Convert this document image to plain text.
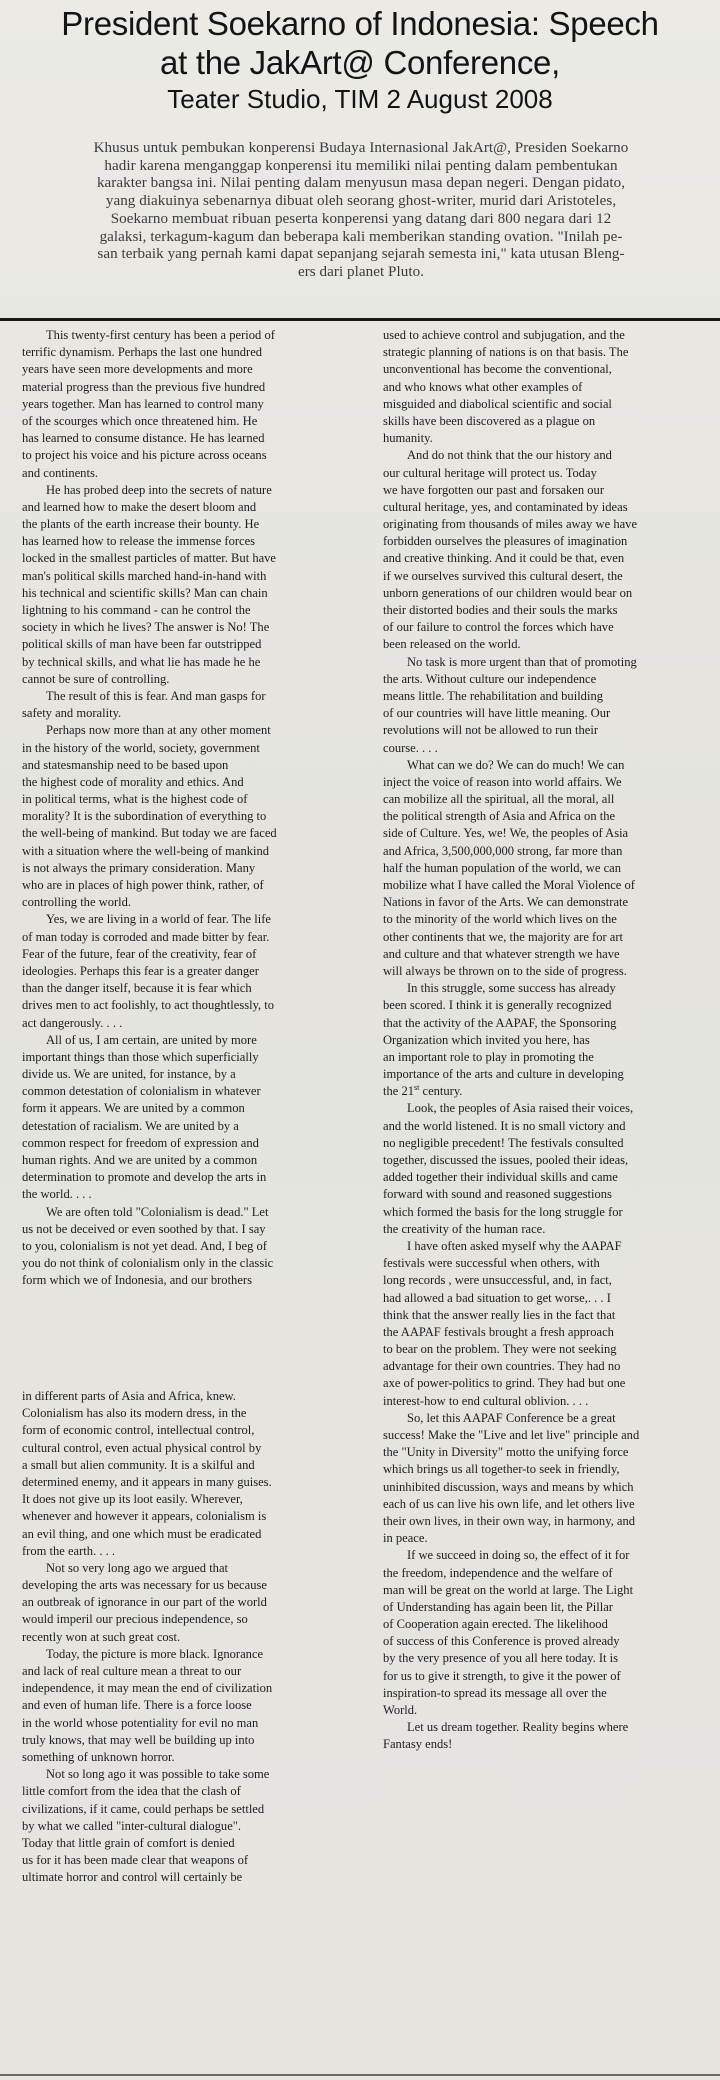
President Soekarno of Indonesia: Speech
at the JakArt@ Conference,
Teater Studio, TIM 2 August 2008
Khusus untuk pembukan konperensi Budaya Internasional JakArt@, Presiden Soekarno
hadir karena menganggap konperensi itu memiliki nilai penting dalam pembentukan
karakter bangsa ini. Nilai penting dalam menyusun masa depan negeri. Dengan pidato,
yang diakuinya sebenarnya dibuat oleh seorang ghost-writer, murid dari Aristoteles,
Soekarno membuat ribuan peserta konperensi yang datang dari 800 negara dari 12
galaksi, terkagum-kagum dan beberapa kali memberikan standing ovation. "Inilah pe-
san terbaik yang pernah kami dapat sepanjang sejarah semesta ini," kata utusan Bleng-
ers dari planet Pluto.
This twenty-first century has been a period of
terrific dynamism. Perhaps the last one hundred
years have seen more developments and more
material progress than the previous five hundred
years together. Man has learned to control many
of the scourges which once threatened him. He
has learned to consume distance. He has learned
to project his voice and his picture across oceans
and continents.
He has probed deep into the secrets of nature
and learned how to make the desert bloom and
the plants of the earth increase their bounty. He
has learned how to release the immense forces
locked in the smallest particles of matter. But have
man's political skills marched hand-in-hand with
his technical and scientific skills? Man can chain
lightning to his command - can he control the
society in which he lives? The answer is No! The
political skills of man have been far outstripped
by technical skills, and what lie has made he he
cannot be sure of controlling.
The result of this is fear. And man gasps for
safety and morality.
Perhaps now more than at any other moment
in the history of the world, society, government
and statesmanship need to be based upon
the highest code of morality and ethics. And
in political terms, what is the highest code of
morality? It is the subordination of everything to
the well-being of mankind. But today we are faced
with a situation where the well-being of mankind
is not always the primary consideration. Many
who are in places of high power think, rather, of
controlling the world.
Yes, we are living in a world of fear. The life
of man today is corroded and made bitter by fear.
Fear of the future, fear of the creativity, fear of
ideologies. Perhaps this fear is a greater danger
than the danger itself, because it is fear which
drives men to act foolishly, to act thoughtlessly, to
act dangerously. . . .
All of us, I am certain, are united by more
important things than those which superficially
divide us. We are united, for instance, by a
common detestation of colonialism in whatever
form it appears. We are united by a common
detestation of racialism. We are united by a
common respect for freedom of expression and
human rights. And we are united by a common
determination to promote and develop the arts in
the world. . . .
We are often told "Colonialism is dead." Let
us not be deceived or even soothed by that. I say
to you, colonialism is not yet dead. And, I beg of
you do not think of colonialism only in the classic
form which we of Indonesia, and our brothers
in different parts of Asia and Africa, knew.
Colonialism has also its modern dress, in the
form of economic control, intellectual control,
cultural control, even actual physical control by
a small but alien community. It is a skilful and
determined enemy, and it appears in many guises.
It does not give up its loot easily. Wherever,
whenever and however it appears, colonialism is
an evil thing, and one which must be eradicated
from the earth. . . .
Not so very long ago we argued that
developing the arts was necessary for us because
an outbreak of ignorance in our part of the world
would imperil our precious independence, so
recently won at such great cost.
Today, the picture is more black. Ignorance
and lack of real culture mean a threat to our
independence, it may mean the end of civilization
and even of human life. There is a force loose
in the world whose potentiality for evil no man
truly knows, that may well be building up into
something of unknown horror.
Not so long ago it was possible to take some
little comfort from the idea that the clash of
civilizations, if it came, could perhaps be settled
by what we called "inter-cultural dialogue".
Today that little grain of comfort is denied
us for it has been made clear that weapons of
ultimate horror and control will certainly be
used to achieve control and subjugation, and the
strategic planning of nations is on that basis. The
unconventional has become the conventional,
and who knows what other examples of
misguided and diabolical scientific and social
skills have been discovered as a plague on
humanity.
And do not think that the our history and
our cultural heritage will protect us. Today
we have forgotten our past and forsaken our
cultural heritage, yes, and contaminated by ideas
originating from thousands of miles away we have
forbidden ourselves the pleasures of imagination
and creative thinking. And it could be that, even
if we ourselves survived this cultural desert, the
unborn generations of our children would bear on
their distorted bodies and their souls the marks
of our failure to control the forces which have
been released on the world.
No task is more urgent than that of promoting
the arts. Without culture our independence
means little. The rehabilitation and building
of our countries will have little meaning. Our
revolutions will not be allowed to run their
course. . . .
What can we do? We can do much! We can
inject the voice of reason into world affairs. We
can mobilize all the spiritual, all the moral, all
the political strength of Asia and Africa on the
side of Culture. Yes, we! We, the peoples of Asia
and Africa, 3,500,000,000 strong, far more than
half the human population of the world, we can
mobilize what I have called the Moral Violence of
Nations in favor of the Arts. We can demonstrate
to the minority of the world which lives on the
other continents that we, the majority are for art
and culture and that whatever strength we have
will always be thrown on to the side of progress.
In this struggle, some success has already
been scored. I think it is generally recognized
that the activity of the AAPAF, the Sponsoring
Organization which invited you here, has
an important role to play in promoting the
importance of the arts and culture in developing
the 21st century.
Look, the peoples of Asia raised their voices,
and the world listened. It is no small victory and
no negligible precedent! The festivals consulted
together, discussed the issues, pooled their ideas,
added together their individual skills and came
forward with sound and reasoned suggestions
which formed the basis for the long struggle for
the creativity of the human race.
I have often asked myself why the AAPAF
festivals were successful when others, with
long records , were unsuccessful, and, in fact,
had allowed a bad situation to get worse,. . . I
think that the answer really lies in the fact that
the AAPAF festivals brought a fresh approach
to bear on the problem. They were not seeking
advantage for their own countries. They had no
axe of power-politics to grind. They had but one
interest-how to end cultural oblivion. . . .
So, let this AAPAF Conference be a great
success! Make the "Live and let live" principle and
the "Unity in Diversity" motto the unifying force
which brings us all together-to seek in friendly,
uninhibited discussion, ways and means by which
each of us can live his own life, and let others live
their own lives, in their own way, in harmony, and
in peace.
If we succeed in doing so, the effect of it for
the freedom, independence and the welfare of
man will be great on the world at large. The Light
of Understanding has again been lit, the Pillar
of Cooperation again erected. The likelihood
of success of this Conference is proved already
by the very presence of you all here today. It is
for us to give it strength, to give it the power of
inspiration-to spread its message all over the
World.
Let us dream together. Reality begins where
Fantasy ends!
